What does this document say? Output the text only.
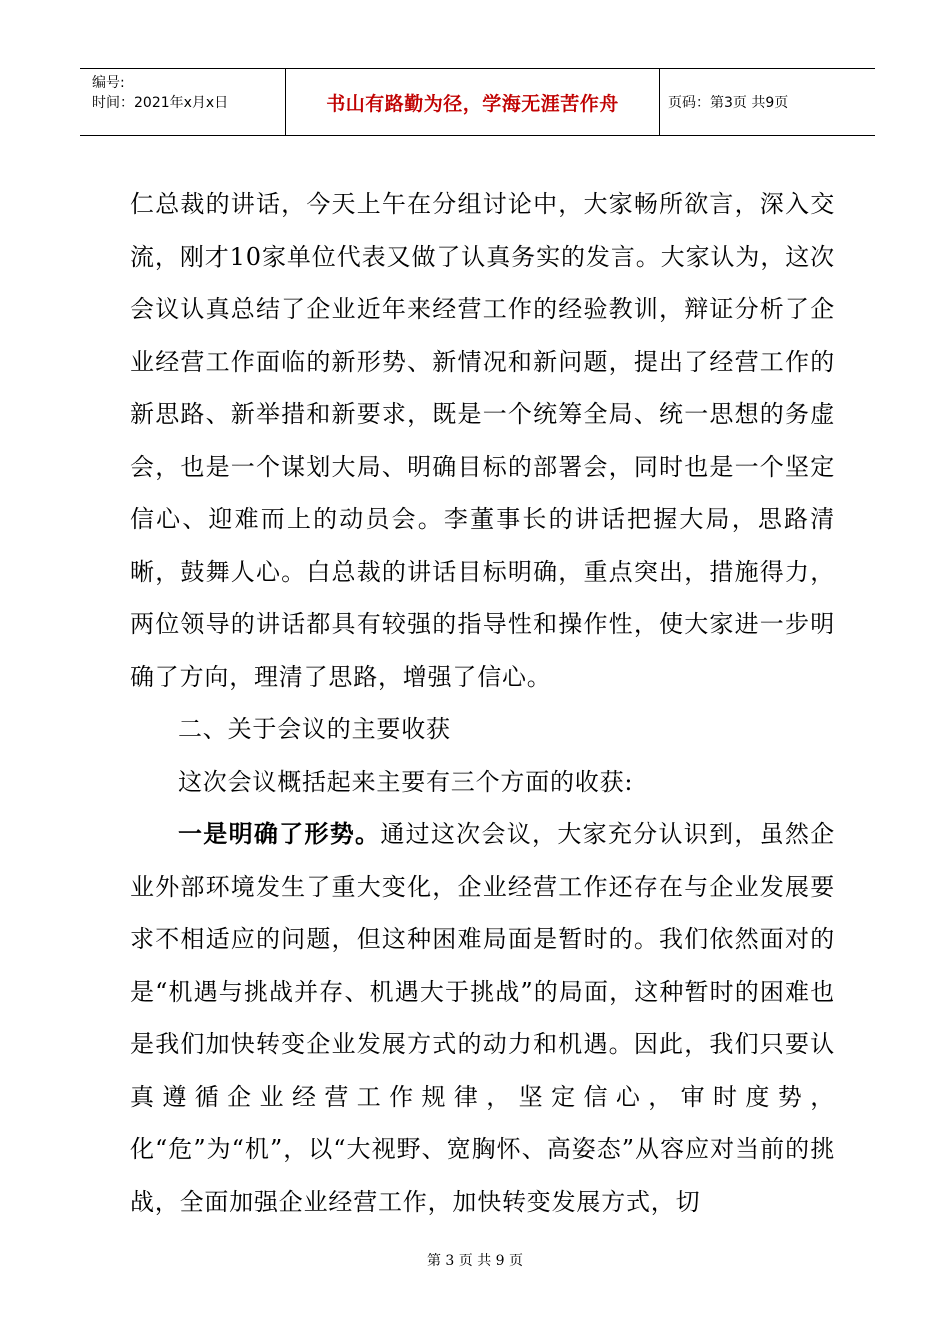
编号:
时间：2021年x月x日	书山有路勤为径，学海无涯苦作舟	页码：第3页 共9页

仁总裁的讲话，今天上午在分组讨论中，大家畅所欲言，深入交流，刚才10家单位代表又做了认真务实的发言。大家认为，这次会议认真总结了企业近年来经营工作的经验教训，辩证分析了企业经营工作面临的新形势、新情况和新问题，提出了经营工作的新思路、新举措和新要求，既是一个统筹全局、统一思想的务虚会，也是一个谋划大局、明确目标的部署会，同时也是一个坚定信心、迎难而上的动员会。李董事长的讲话把握大局，思路清晰，鼓舞人心。白总裁的讲话目标明确，重点突出，措施得力，两位领导的讲话都具有较强的指导性和操作性，使大家进一步明确了方向，理清了思路，增强了信心。

二、关于会议的主要收获

这次会议概括起来主要有三个方面的收获:

一是明确了形势。通过这次会议，大家充分认识到，虽然企业外部环境发生了重大变化，企业经营工作还存在与企业发展要求不相适应的问题，但这种困难局面是暂时的。我们依然面对的是“机遇与挑战并存、机遇大于挑战”的局面，这种暂时的困难也是我们加快转变企业发展方式的动力和机遇。因此，我们只要认真遵循企业经营工作规律，坚定信心，审时度势，化“危”为“机”，以“大视野、宽胸怀、高姿态”从容应对当前的挑战，全面加强企业经营工作，加快转变发展方式，切

第 3 页 共 9 页
